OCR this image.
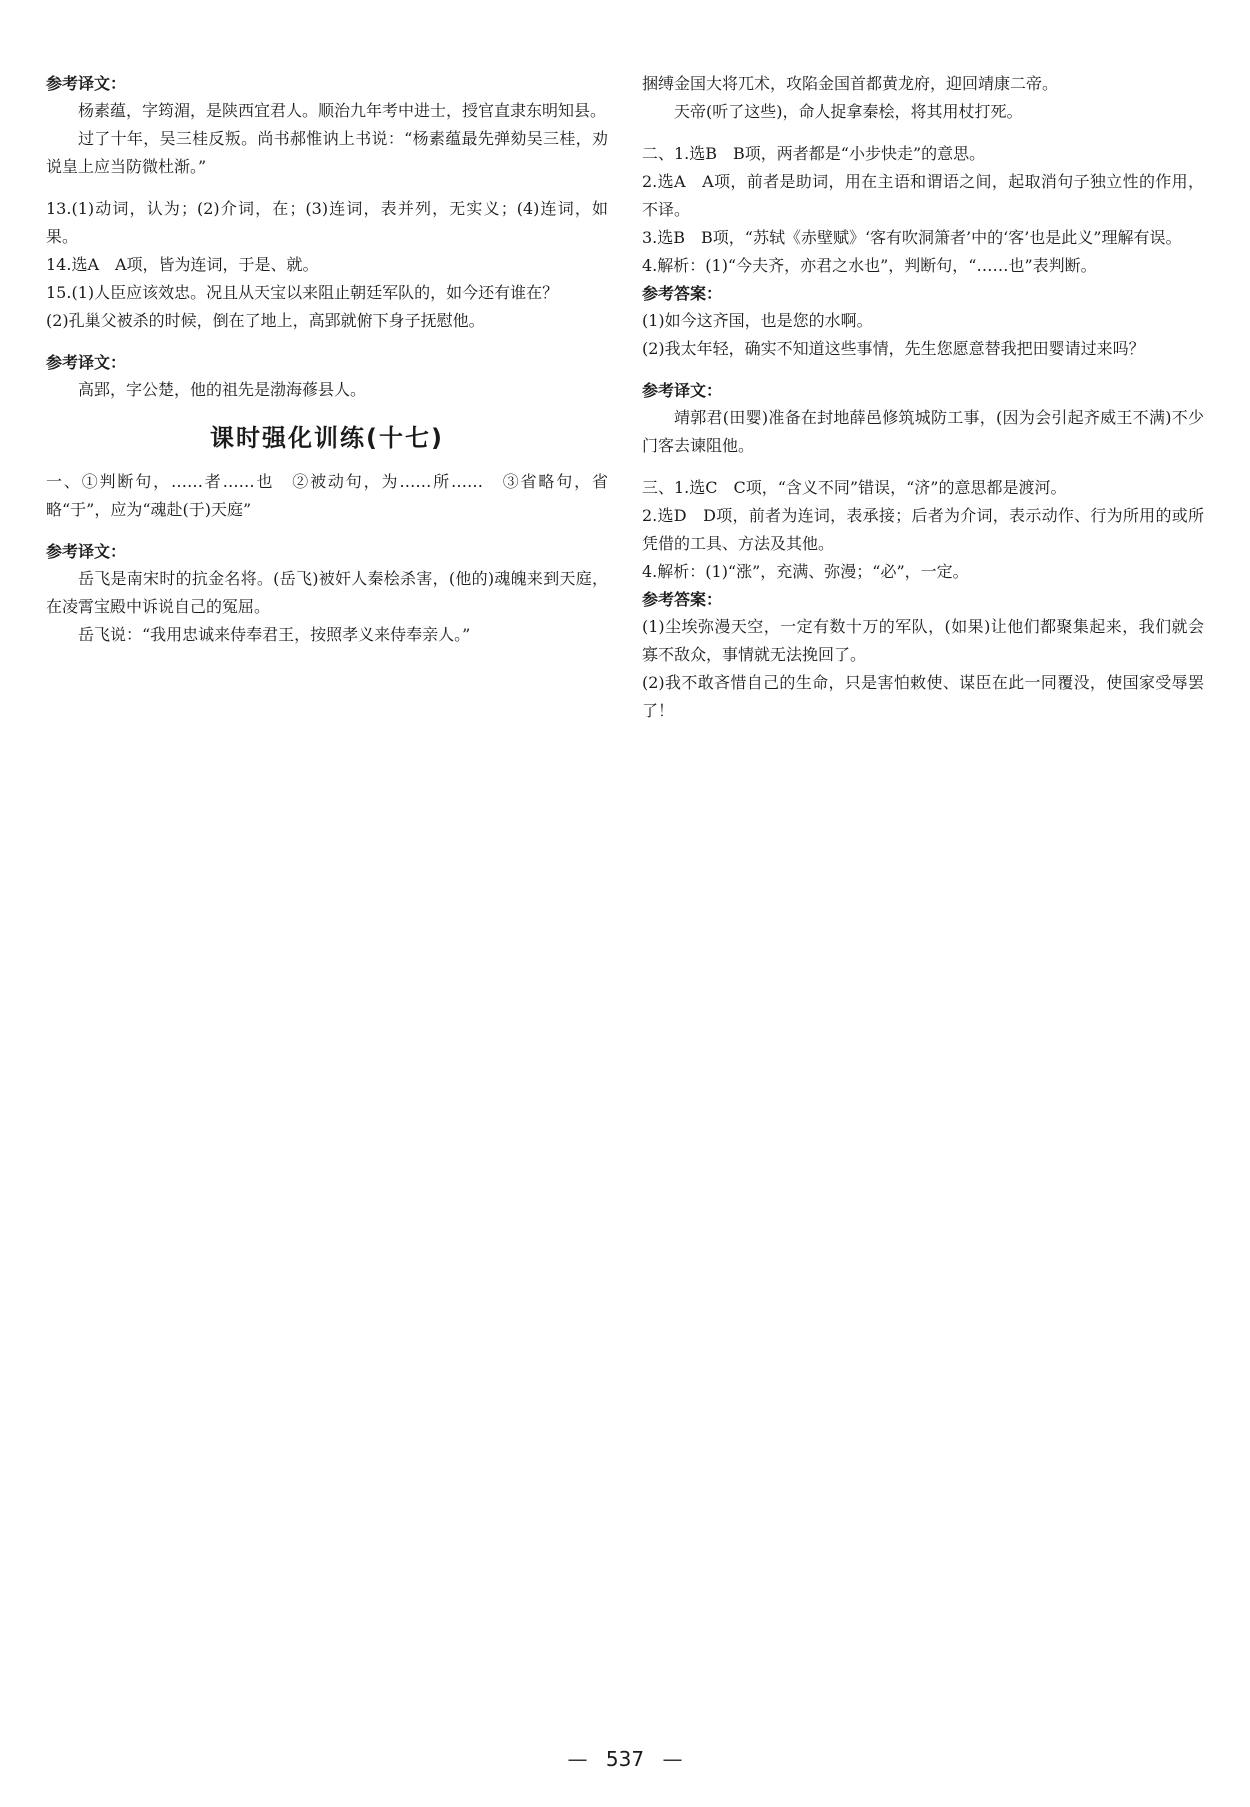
参考译文：

杨素蕴，字筠湄，是陕西宜君人。顺治九年考中进士，授官直隶东明知县。

过了十年，吴三桂反叛。尚书郝惟讷上书说：“杨素蕴最先弹劾吴三桂，劝说皇上应当防微杜渐。”

13.(1)动词，认为；(2)介词，在；(3)连词，表并列，无实义；(4)连词，如果。

14.选A　A项，皆为连词，于是、就。

15.(1)人臣应该效忠。况且从天宝以来阻止朝廷军队的，如今还有谁在？

(2)孔巢父被杀的时候，倒在了地上，高郢就俯下身子抚慰他。

参考译文：

高郢，字公楚，他的祖先是渤海蓚县人。

课时强化训练(十七)

一、①判断句，……者……也　②被动句，为……所……　③省略句，省略“于”，应为“魂赴(于)天庭”

参考译文：

岳飞是南宋时的抗金名将。(岳飞)被奸人秦桧杀害，(他的)魂魄来到天庭，在凌霄宝殿中诉说自己的冤屈。

岳飞说：“我用忠诚来侍奉君王，按照孝义来侍奉亲人。”

捆缚金国大将兀术，攻陷金国首都黄龙府，迎回靖康二帝。

天帝(听了这些)，命人捉拿秦桧，将其用杖打死。

二、1.选B　B项，两者都是“小步快走”的意思。

2.选A　A项，前者是助词，用在主语和谓语之间，起取消句子独立性的作用，不译。

3.选B　B项，“苏轼《赤壁赋》‘客有吹洞箫者’中的‘客’也是此义”理解有误。

4.解析：(1)“今夫齐，亦君之水也”，判断句，“……也”表判断。

参考答案：

(1)如今这齐国，也是您的水啊。

(2)我太年轻，确实不知道这些事情，先生您愿意替我把田婴请过来吗？

参考译文：

靖郭君(田婴)准备在封地薛邑修筑城防工事，(因为会引起齐威王不满)不少门客去谏阻他。

三、1.选C　C项，“含义不同”错误，“济”的意思都是渡河。

2.选D　D项，前者为连词，表承接；后者为介词，表示动作、行为所用的或所凭借的工具、方法及其他。

4.解析：(1)“涨”，充满、弥漫；“必”，一定。

参考答案：

(1)尘埃弥漫天空，一定有数十万的军队，(如果)让他们都聚集起来，我们就会寡不敌众，事情就无法挽回了。

(2)我不敢吝惜自己的生命，只是害怕敕使、谋臣在此一同覆没，使国家受辱罢了！

— 537 —
